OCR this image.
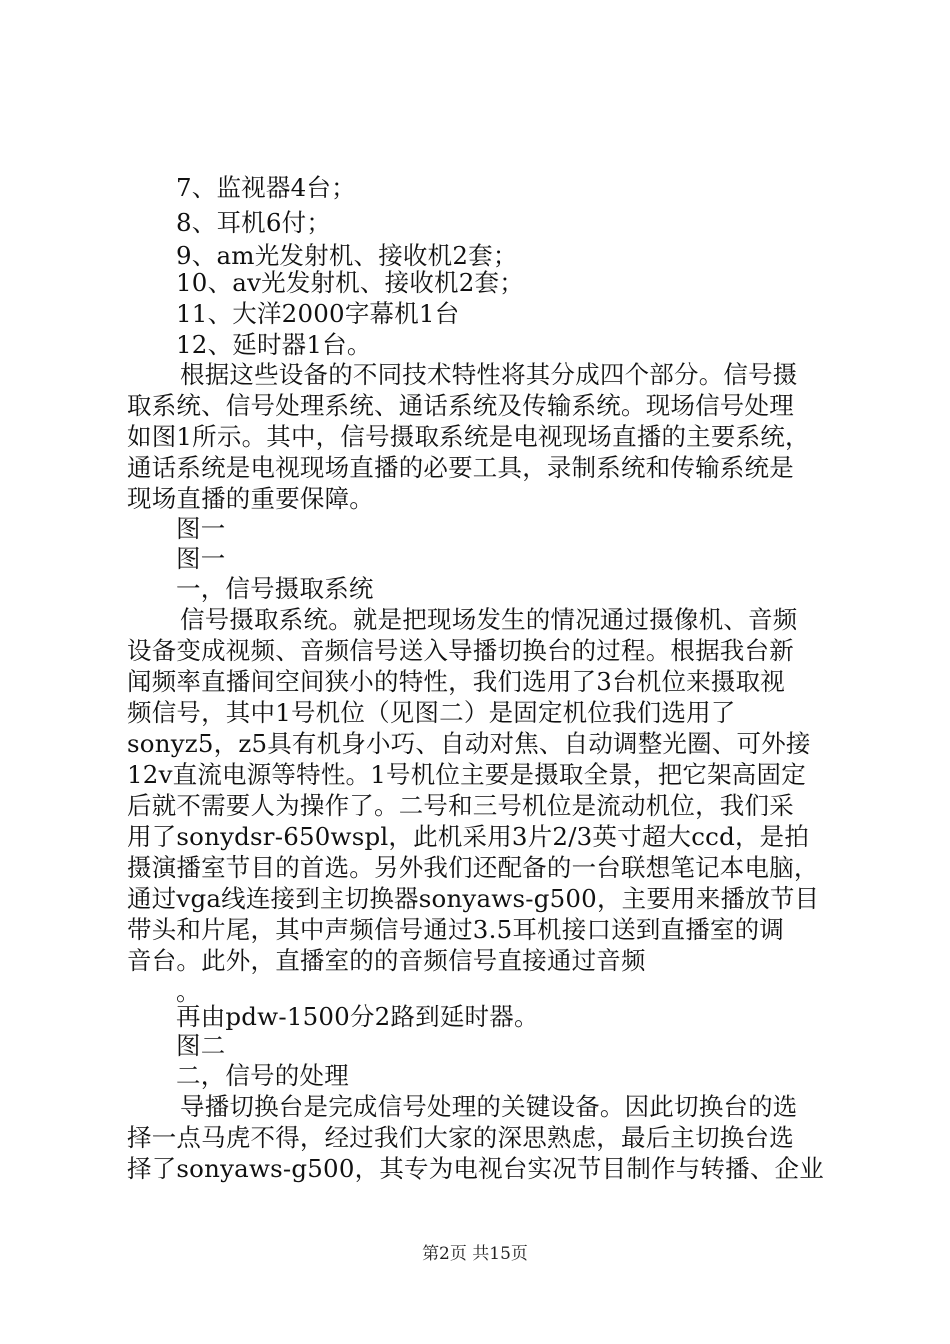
7、监视器4台；
8、耳机6付；
9、am光发射机、接收机2套；
10、av光发射机、接收机2套；
11、大洋2000字幕机1台
12、延时器1台。
根据这些设备的不同技术特性将其分成四个部分。信号摄
取系统、信号处理系统、通话系统及传输系统。现场信号处理
如图1所示。其中，信号摄取系统是电视现场直播的主要系统，
通话系统是电视现场直播的必要工具，录制系统和传输系统是
现场直播的重要保障。
图一
图一
一，信号摄取系统
信号摄取系统。就是把现场发生的情况通过摄像机、音频
设备变成视频、音频信号送入导播切换台的过程。根据我台新
闻频率直播间空间狭小的特性，我们选用了3台机位来摄取视
频信号，其中1号机位（见图二）是固定机位我们选用了
sonyz5，z5具有机身小巧、自动对焦、自动调整光圈、可外接
12v直流电源等特性。1号机位主要是摄取全景，把它架高固定
后就不需要人为操作了。二号和三号机位是流动机位，我们采
用了sonydsr-650wspl，此机采用3片2/3英寸超大ccd，是拍
摄演播室节目的首选。另外我们还配备的一台联想笔记本电脑，
通过vga线连接到主切换器sonyaws-g500，主要用来播放节目
带头和片尾，其中声频信号通过3.5耳机接口送到直播室的调
音台。此外，直播室的的音频信号直接通过音频
。
再由pdw-1500分2路到延时器。
图二
二，信号的处理
导播切换台是完成信号处理的关键设备。因此切换台的选
择一点马虎不得，经过我们大家的深思熟虑，最后主切换台选
择了sonyaws-g500，其专为电视台实况节目制作与转播、企业
第2页 共15页
